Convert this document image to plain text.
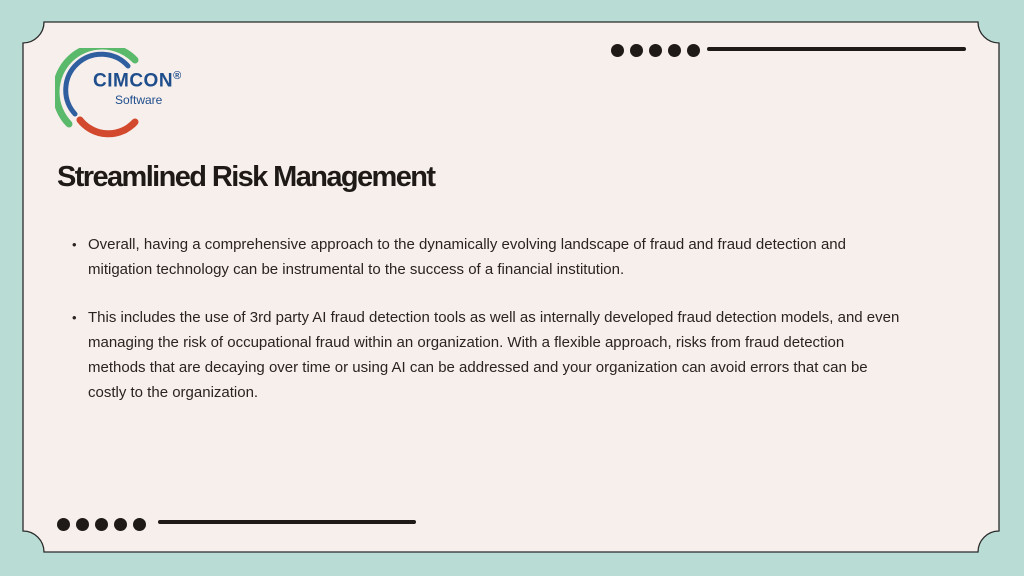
CIMCON®
Software
Streamlined Risk Management
• Overall, having a comprehensive approach to the dynamically evolving landscape of fraud and fraud detection and mitigation technology can be instrumental to the success of a financial institution.
• This includes the use of 3rd party AI fraud detection tools as well as internally developed fraud detection models, and even managing the risk of occupational fraud within an organization. With a flexible approach, risks from fraud detection methods that are decaying over time or using AI can be addressed and your organization can avoid errors that can be costly to the organization.
